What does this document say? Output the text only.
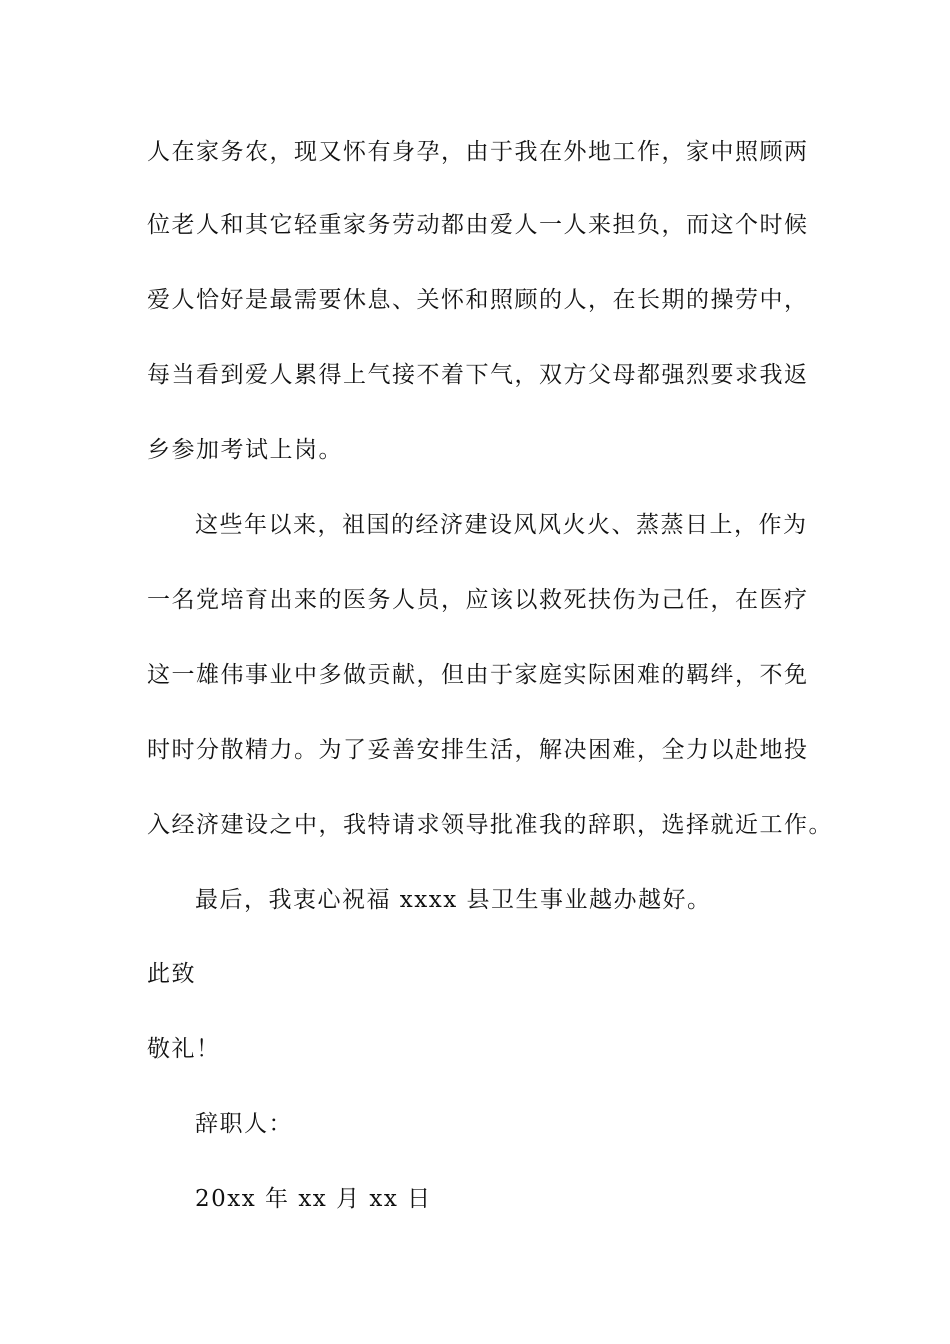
人在家务农，现又怀有身孕，由于我在外地工作，家中照顾两
位老人和其它轻重家务劳动都由爱人一人来担负，而这个时候
爱人恰好是最需要休息、关怀和照顾的人，在长期的操劳中，
每当看到爱人累得上气接不着下气，双方父母都强烈要求我返
乡参加考试上岗。
这些年以来，祖国的经济建设风风火火、蒸蒸日上，作为
一名党培育出来的医务人员，应该以救死扶伤为己任，在医疗
这一雄伟事业中多做贡献，但由于家庭实际困难的羁绊，不免
时时分散精力。为了妥善安排生活，解决困难，全力以赴地投
入经济建设之中，我特请求领导批准我的辞职，选择就近工作。
最后，我衷心祝福 xxxx 县卫生事业越办越好。
此致
敬礼！
辞职人：
20xx 年 xx 月 xx 日
